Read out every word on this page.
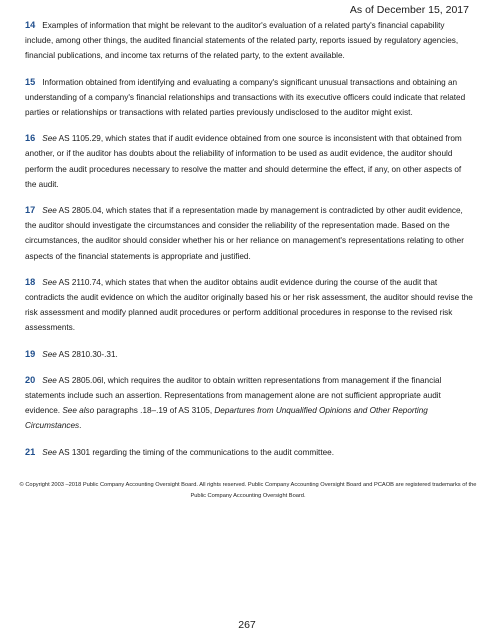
As of December 15, 2017

14 Examples of information that might be relevant to the auditor's evaluation of a related party's financial capability include, among other things, the audited financial statements of the related party, reports issued by regulatory agencies, financial publications, and income tax returns of the related party, to the extent available.

15 Information obtained from identifying and evaluating a company's significant unusual transactions and obtaining an understanding of a company's financial relationships and transactions with its executive officers could indicate that related parties or relationships or transactions with related parties previously undisclosed to the auditor might exist.

16 See AS 1105.29, which states that if audit evidence obtained from one source is inconsistent with that obtained from another, or if the auditor has doubts about the reliability of information to be used as audit evidence, the auditor should perform the audit procedures necessary to resolve the matter and should determine the effect, if any, on other aspects of the audit.

17 See AS 2805.04, which states that if a representation made by management is contradicted by other audit evidence, the auditor should investigate the circumstances and consider the reliability of the representation made. Based on the circumstances, the auditor should consider whether his or her reliance on management's representations relating to other aspects of the financial statements is appropriate and justified.

18 See AS 2110.74, which states that when the auditor obtains audit evidence during the course of the audit that contradicts the audit evidence on which the auditor originally based his or her risk assessment, the auditor should revise the risk assessment and modify planned audit procedures or perform additional procedures in response to the revised risk assessments.

19 See AS 2810.30-.31.

20 See AS 2805.06l, which requires the auditor to obtain written representations from management if the financial statements include such an assertion. Representations from management alone are not sufficient appropriate audit evidence. See also paragraphs .18–.19 of AS 3105, Departures from Unqualified Opinions and Other Reporting Circumstances.

21 See AS 1301 regarding the timing of the communications to the audit committee.

© Copyright 2003 –2018 Public Company Accounting Oversight Board. All rights reserved. Public Company Accounting Oversight Board and PCAOB are registered trademarks of the Public Company Accounting Oversight Board.
267
